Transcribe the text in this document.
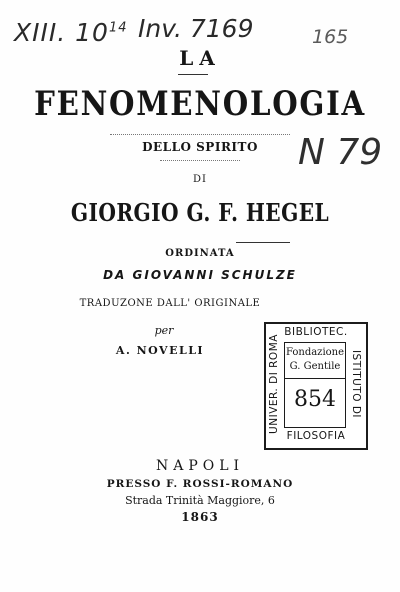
XIII. $10^{14}$ Inv. 7169	165
N 79
LA
FENOMENOLOGIA
DELLO SPIRITO
DI
GIORGIO G. F. HEGEL
ORDINATA
DA GIOVANNI SCHULZE
TRADUZONE DALL' ORIGINALE
per
A. NOVELLI
BIBLIOTEC.
UNIVER. DI ROMA	ISTITUTO DI
FILOSOFIA
Fondazione
G. Gentile
854
NAPOLI
PRESSO F. ROSSI-ROMANO
Strada Trinità Maggiore, 6
1863
